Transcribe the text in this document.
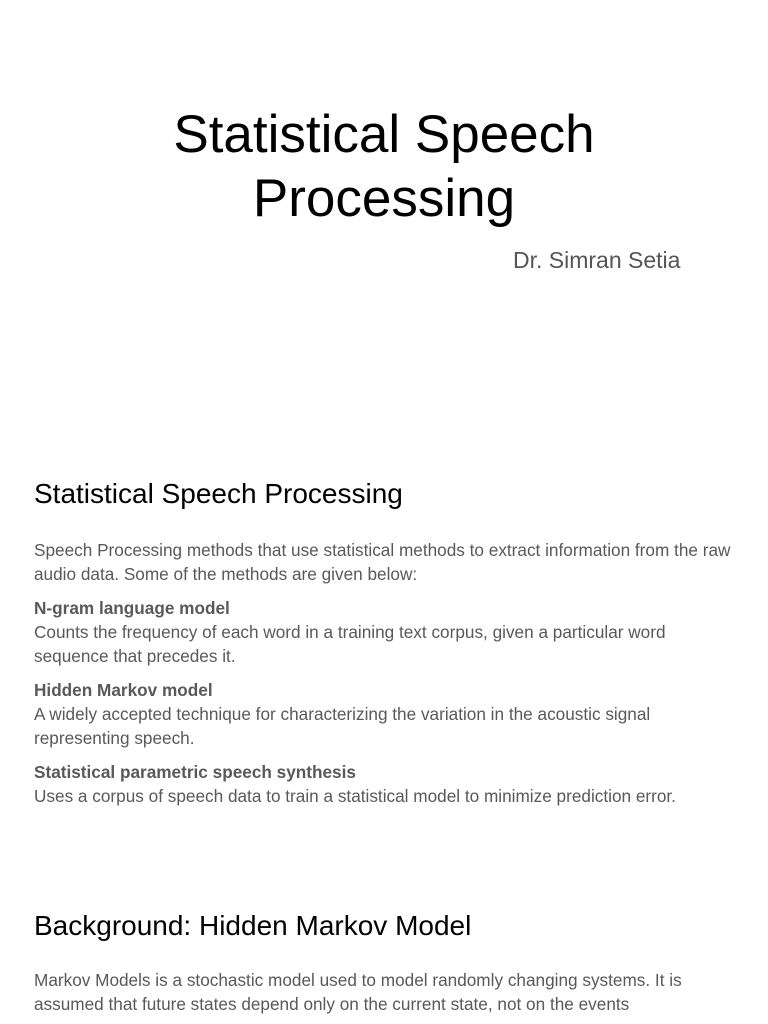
Statistical Speech Processing

Dr. Simran Setia

Statistical Speech Processing

Speech Processing methods that use statistical methods to extract information from the raw audio data. Some of the methods are given below:

N-gram language model
Counts the frequency of each word in a training text corpus, given a particular word sequence that precedes it.
Hidden Markov model
A widely accepted technique for characterizing the variation in the acoustic signal representing speech.
Statistical parametric speech synthesis
Uses a corpus of speech data to train a statistical model to minimize prediction error.
Background: Hidden Markov Model

Markov Models is a stochastic model used to model randomly changing systems. It is assumed that future states depend only on the current state, not on the events
